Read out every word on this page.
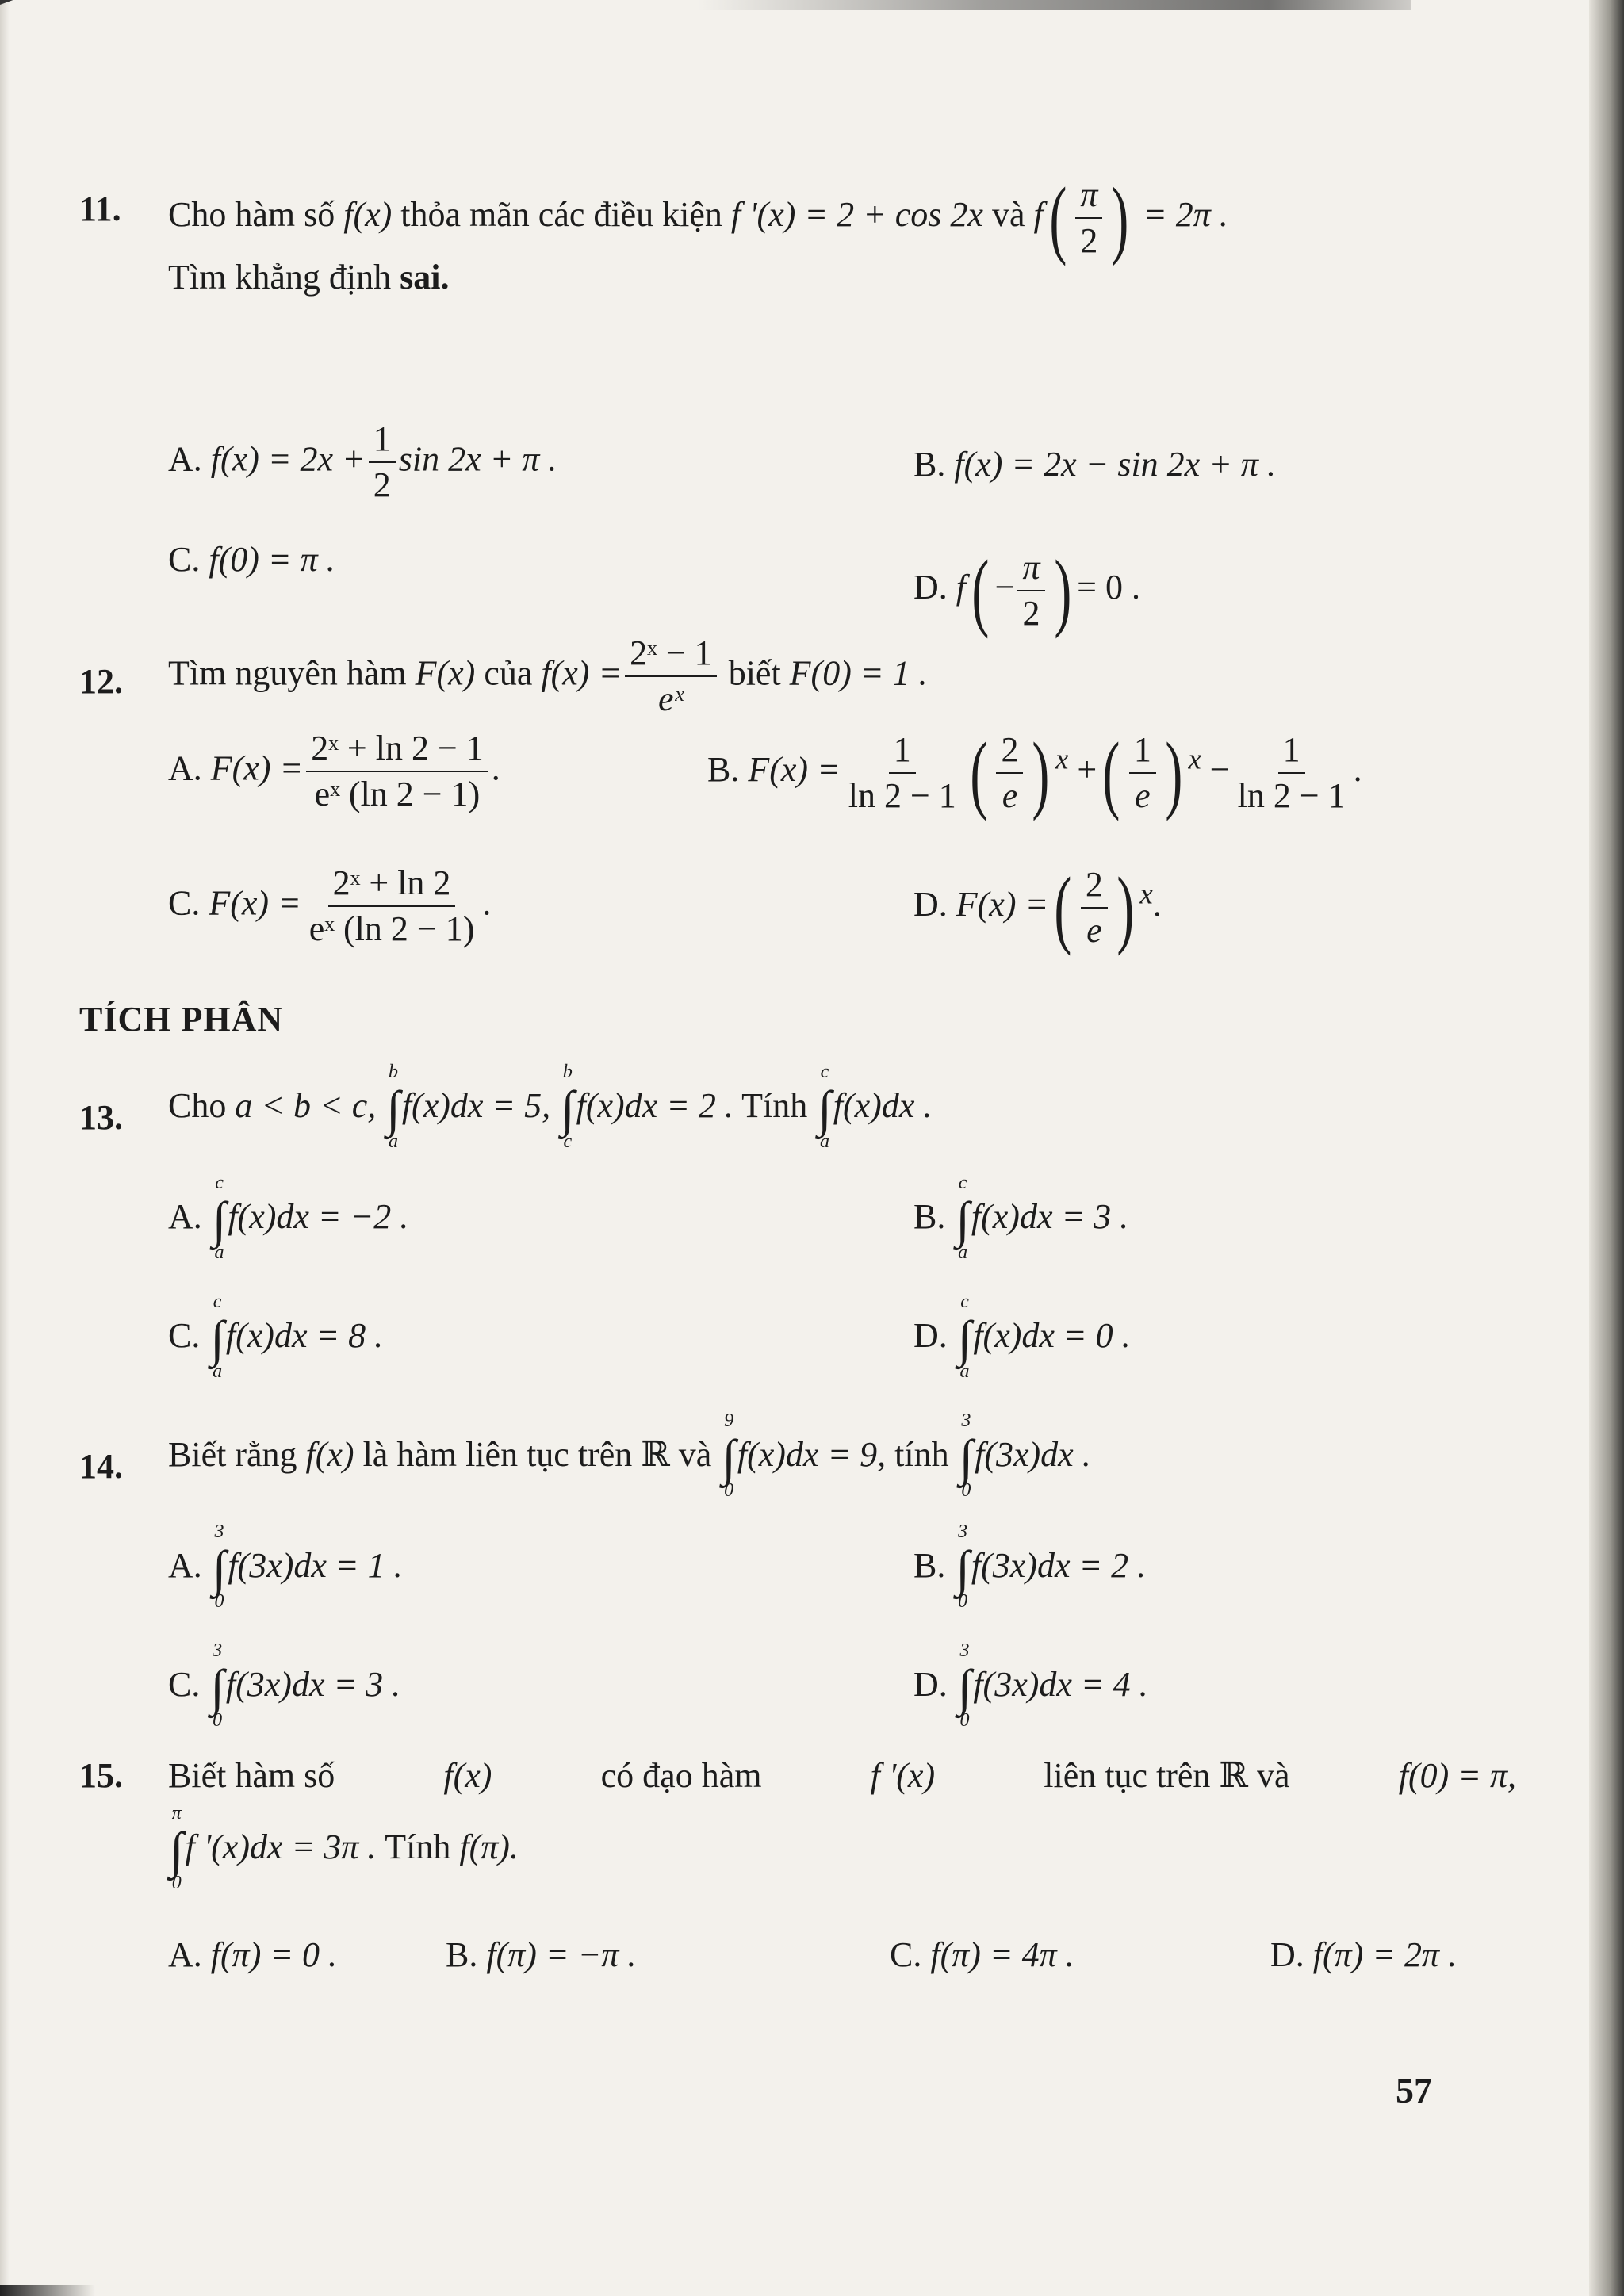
11. Cho hàm số f(x) thỏa mãn các điều kiện f '(x) = 2 + cos 2x và $f( \frac{\pi}{2}$ ) = 2π .
Tìm khẳng định sai.
A. $f(x) = 2x + \frac{1}{2}$ sin 2x + π .	B. f(x) = 2x − sin 2x + π .
C. f(0) = π .
D. $f( - \frac{\pi}{2}$ ) = 0 .
12. Tìm nguyên hàm F(x) của $f(x) = \frac{\text{2ˣ − 1}}{\text{eˣ}}$ biết F(0) = 1 .
A. $F(x) = \frac{\text{2ˣ + ln 2 − 1}}{\text{eˣ (ln 2 − 1)}}$ .	B. $F(x) = \frac{1}{\ln 2 - 1}$ ( $\frac{2}{e}$ ) $^x$ +( $\frac{1}{e}$ ) $^x - \frac{1}{\ln 2 - 1}$ .
C. $F(x) = \frac{\text{2ˣ + ln 2}}{\text{eˣ (ln 2 − 1)}}$ .	D. F(x) =( $\frac{2}{e}$ ) $^x$.
TÍCH PHÂN
13. Cho a < b < c,
b
∫
a
f(x)dx = 5,
b
∫
c
f(x)dx = 2 . Tính
c
∫
a
f(x)dx .
A.
c
∫
a
f(x)dx = −2 .	B.
c
∫
a
f(x)dx = 3 .
C.
c
∫
a
f(x)dx = 8 .	D.
c
∫
a
f(x)dx = 0 .
14. Biết rằng f(x) là hàm liên tục trên ℝ và
9
∫
0
f(x)dx = 9, tính
3
∫
0
f(3x)dx .
A.
3
∫
0
f(3x)dx = 1 .	B.
3
∫
0
f(3x)dx = 2 .
C.
3
∫
0
f(3x)dx = 3 .	D.
3
∫
0
f(3x)dx = 4 .
15. Biết hàm số	f(x)	có đạo hàm	f '(x)	liên tục trên ℝ và	f(0) = π,
π
∫
0
f '(x)dx = 3π . Tính f(π).
A. f(π) = 0 .	B. f(π) = −π .	C. f(π) = 4π .	D. f(π) = 2π .
57
